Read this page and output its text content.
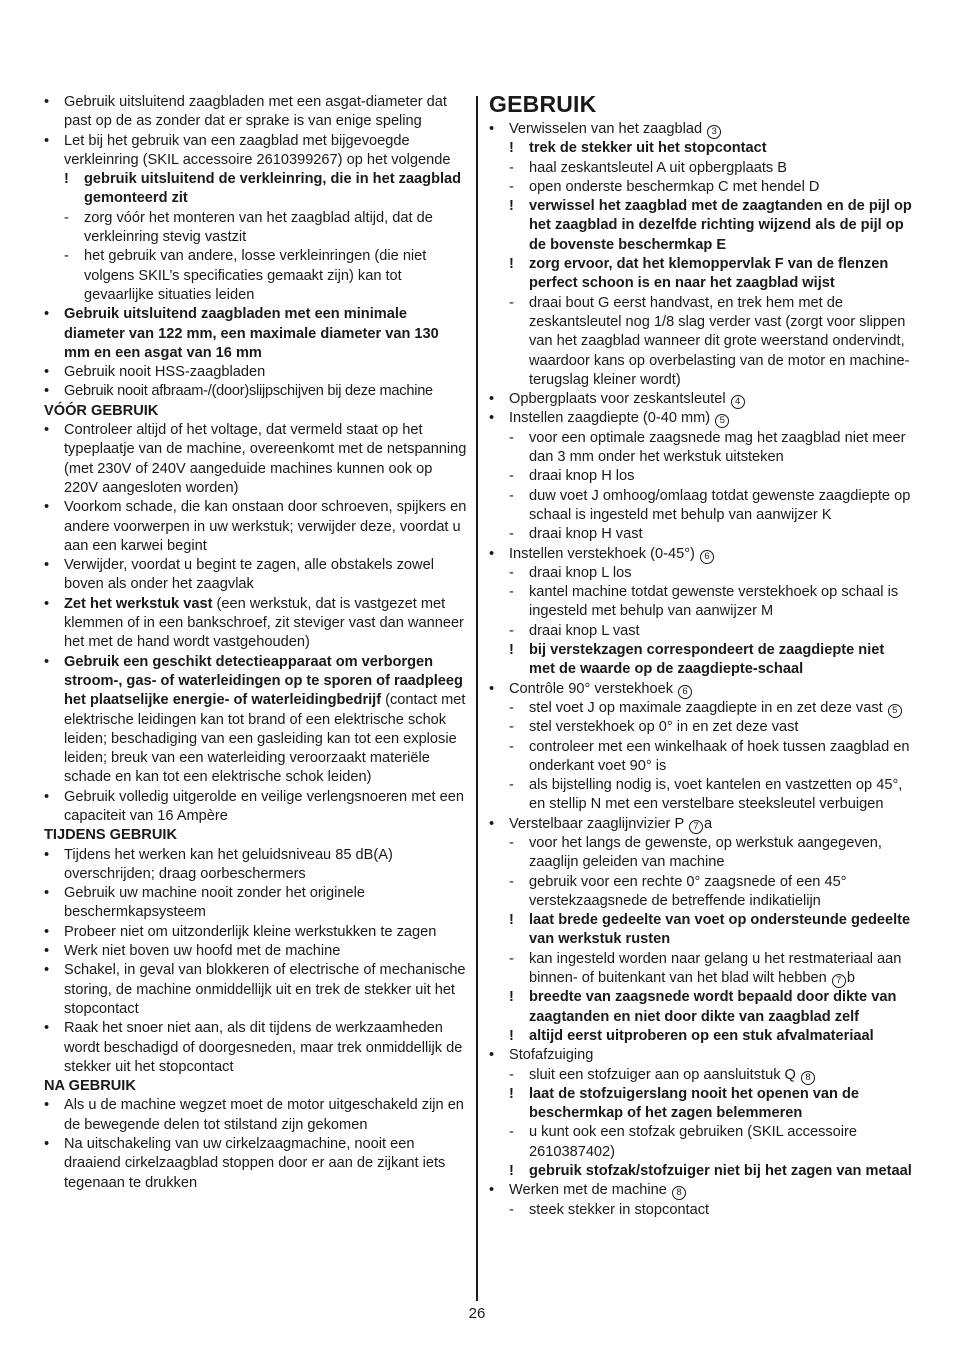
• Gebruik uitsluitend zaagbladen met een asgat-diameter dat past op de as zonder dat er sprake is van enige speling
• Let bij het gebruik van een zaagblad met bijgevoegde verkleinring (SKIL accessoire 2610399267) op het volgende
! gebruik uitsluitend de verkleinring, die in het zaagblad gemonteerd zit
- zorg vóór het monteren van het zaagblad altijd, dat de verkleinring stevig vastzit
- het gebruik van andere, losse verkleinringen (die niet volgens SKIL’s specificaties gemaakt zijn) kan tot gevaarlijke situaties leiden
• Gebruik uitsluitend zaagbladen met een minimale diameter van 122 mm, een maximale diameter van 130 mm en een asgat van 16 mm
• Gebruik nooit HSS-zaagbladen
• Gebruik nooit afbraam-/(door)slijpschijven bij deze machine
VÓÓR GEBRUIK
• Controleer altijd of het voltage, dat vermeld staat op het typeplaatje van de machine, overeenkomt met de netspanning (met 230V of 240V aangeduide machines kunnen ook op 220V aangesloten worden)
• Voorkom schade, die kan onstaan door schroeven, spijkers en andere voorwerpen in uw werkstuk; verwijder deze, voordat u aan een karwei begint
• Verwijder, voordat u begint te zagen, alle obstakels zowel boven als onder het zaagvlak
• Zet het werkstuk vast (een werkstuk, dat is vastgezet met klemmen of in een bankschroef, zit steviger vast dan wanneer het met de hand wordt vastgehouden)
• Gebruik een geschikt detectieapparaat om verborgen stroom-, gas- of waterleidingen op te sporen of raadpleeg het plaatselijke energie- of waterleidingbedrijf (contact met elektrische leidingen kan tot brand of een elektrische schok leiden; beschadiging van een gasleiding kan tot een explosie leiden; breuk van een waterleiding veroorzaakt materiële schade en kan tot een elektrische schok leiden)
• Gebruik volledig uitgerolde en veilige verlengsnoeren met een capaciteit van 16 Ampère
TIJDENS GEBRUIK
• Tijdens het werken kan het geluidsniveau 85 dB(A) overschrijden; draag oorbeschermers
• Gebruik uw machine nooit zonder het originele beschermkapsysteem
• Probeer niet om uitzonderlijk kleine werkstukken te zagen
• Werk niet boven uw hoofd met de machine
• Schakel, in geval van blokkeren of electrische of mechanische storing, de machine onmiddellijk uit en trek de stekker uit het stopcontact
• Raak het snoer niet aan, als dit tijdens de werkzaamheden wordt beschadigd of doorgesneden, maar trek onmiddellijk de stekker uit het stopcontact
NA GEBRUIK
• Als u de machine wegzet moet de motor uitgeschakeld zijn en de bewegende delen tot stilstand zijn gekomen
• Na uitschakeling van uw cirkelzaagmachine, nooit een draaiend cirkelzaagblad stoppen door er aan de zijkant iets tegenaan te drukken
GEBRUIK
• Verwisselen van het zaagblad 3
! trek de stekker uit het stopcontact
- haal zeskantsleutel A uit opbergplaats B
- open onderste beschermkap C met hendel D
! verwissel het zaagblad met de zaagtanden en de pijl op het zaagblad in dezelfde richting wijzend als de pijl op de bovenste beschermkap E
! zorg ervoor, dat het klemoppervlak F van de flenzen perfect schoon is en naar het zaagblad wijst
- draai bout G eerst handvast, en trek hem met de zeskantsleutel nog 1/8 slag verder vast (zorgt voor slippen van het zaagblad wanneer dit grote weerstand ondervindt, waardoor kans op overbelasting van de motor en machine-terugslag kleiner wordt)
• Opbergplaats voor zeskantsleutel 4
• Instellen zaagdiepte (0-40 mm) 5
- voor een optimale zaagsnede mag het zaagblad niet meer dan 3 mm onder het werkstuk uitsteken
- draai knop H los
- duw voet J omhoog/omlaag totdat gewenste zaagdiepte op schaal is ingesteld met behulp van aanwijzer K
- draai knop H vast
• Instellen verstekhoek (0-45°) 6
- draai knop L los
- kantel machine totdat gewenste verstekhoek op schaal is ingesteld met behulp van aanwijzer M
- draai knop L vast
! bij verstekzagen correspondeert de zaagdiepte niet met de waarde op de zaagdiepte-schaal
• Contrôle 90° verstekhoek 6
- stel voet J op maximale zaagdiepte in en zet deze vast 5
- stel verstekhoek op 0° in en zet deze vast
- controleer met een winkelhaak of hoek tussen zaagblad en onderkant voet 90° is
- als bijstelling nodig is, voet kantelen en vastzetten op 45°, en stellip N met een verstelbare steeksleutel verbuigen
• Verstelbaar zaaglijnvizier P 7 a
- voor het langs de gewenste, op werkstuk aangegeven, zaaglijn geleiden van machine
- gebruik voor een rechte 0° zaagsnede of een 45° verstekzaagsnede de betreffende indikatielijn
! laat brede gedeelte van voet op ondersteunde gedeelte van werkstuk rusten
- kan ingesteld worden naar gelang u het restmateriaal aan binnen- of buitenkant van het blad wilt hebben 7 b
! breedte van zaagsnede wordt bepaald door dikte van zaagtanden en niet door dikte van zaagblad zelf
! altijd eerst uitproberen op een stuk afvalmateriaal
• Stofafzuiging
- sluit een stofzuiger aan op aansluitstuk Q 8
! laat de stofzuigerslang nooit het openen van de beschermkap of het zagen belemmeren
- u kunt ook een stofzak gebruiken (SKIL accessoire 2610387402)
! gebruik stofzak/stofzuiger niet bij het zagen van metaal
• Werken met de machine 8
- steek stekker in stopcontact
26
